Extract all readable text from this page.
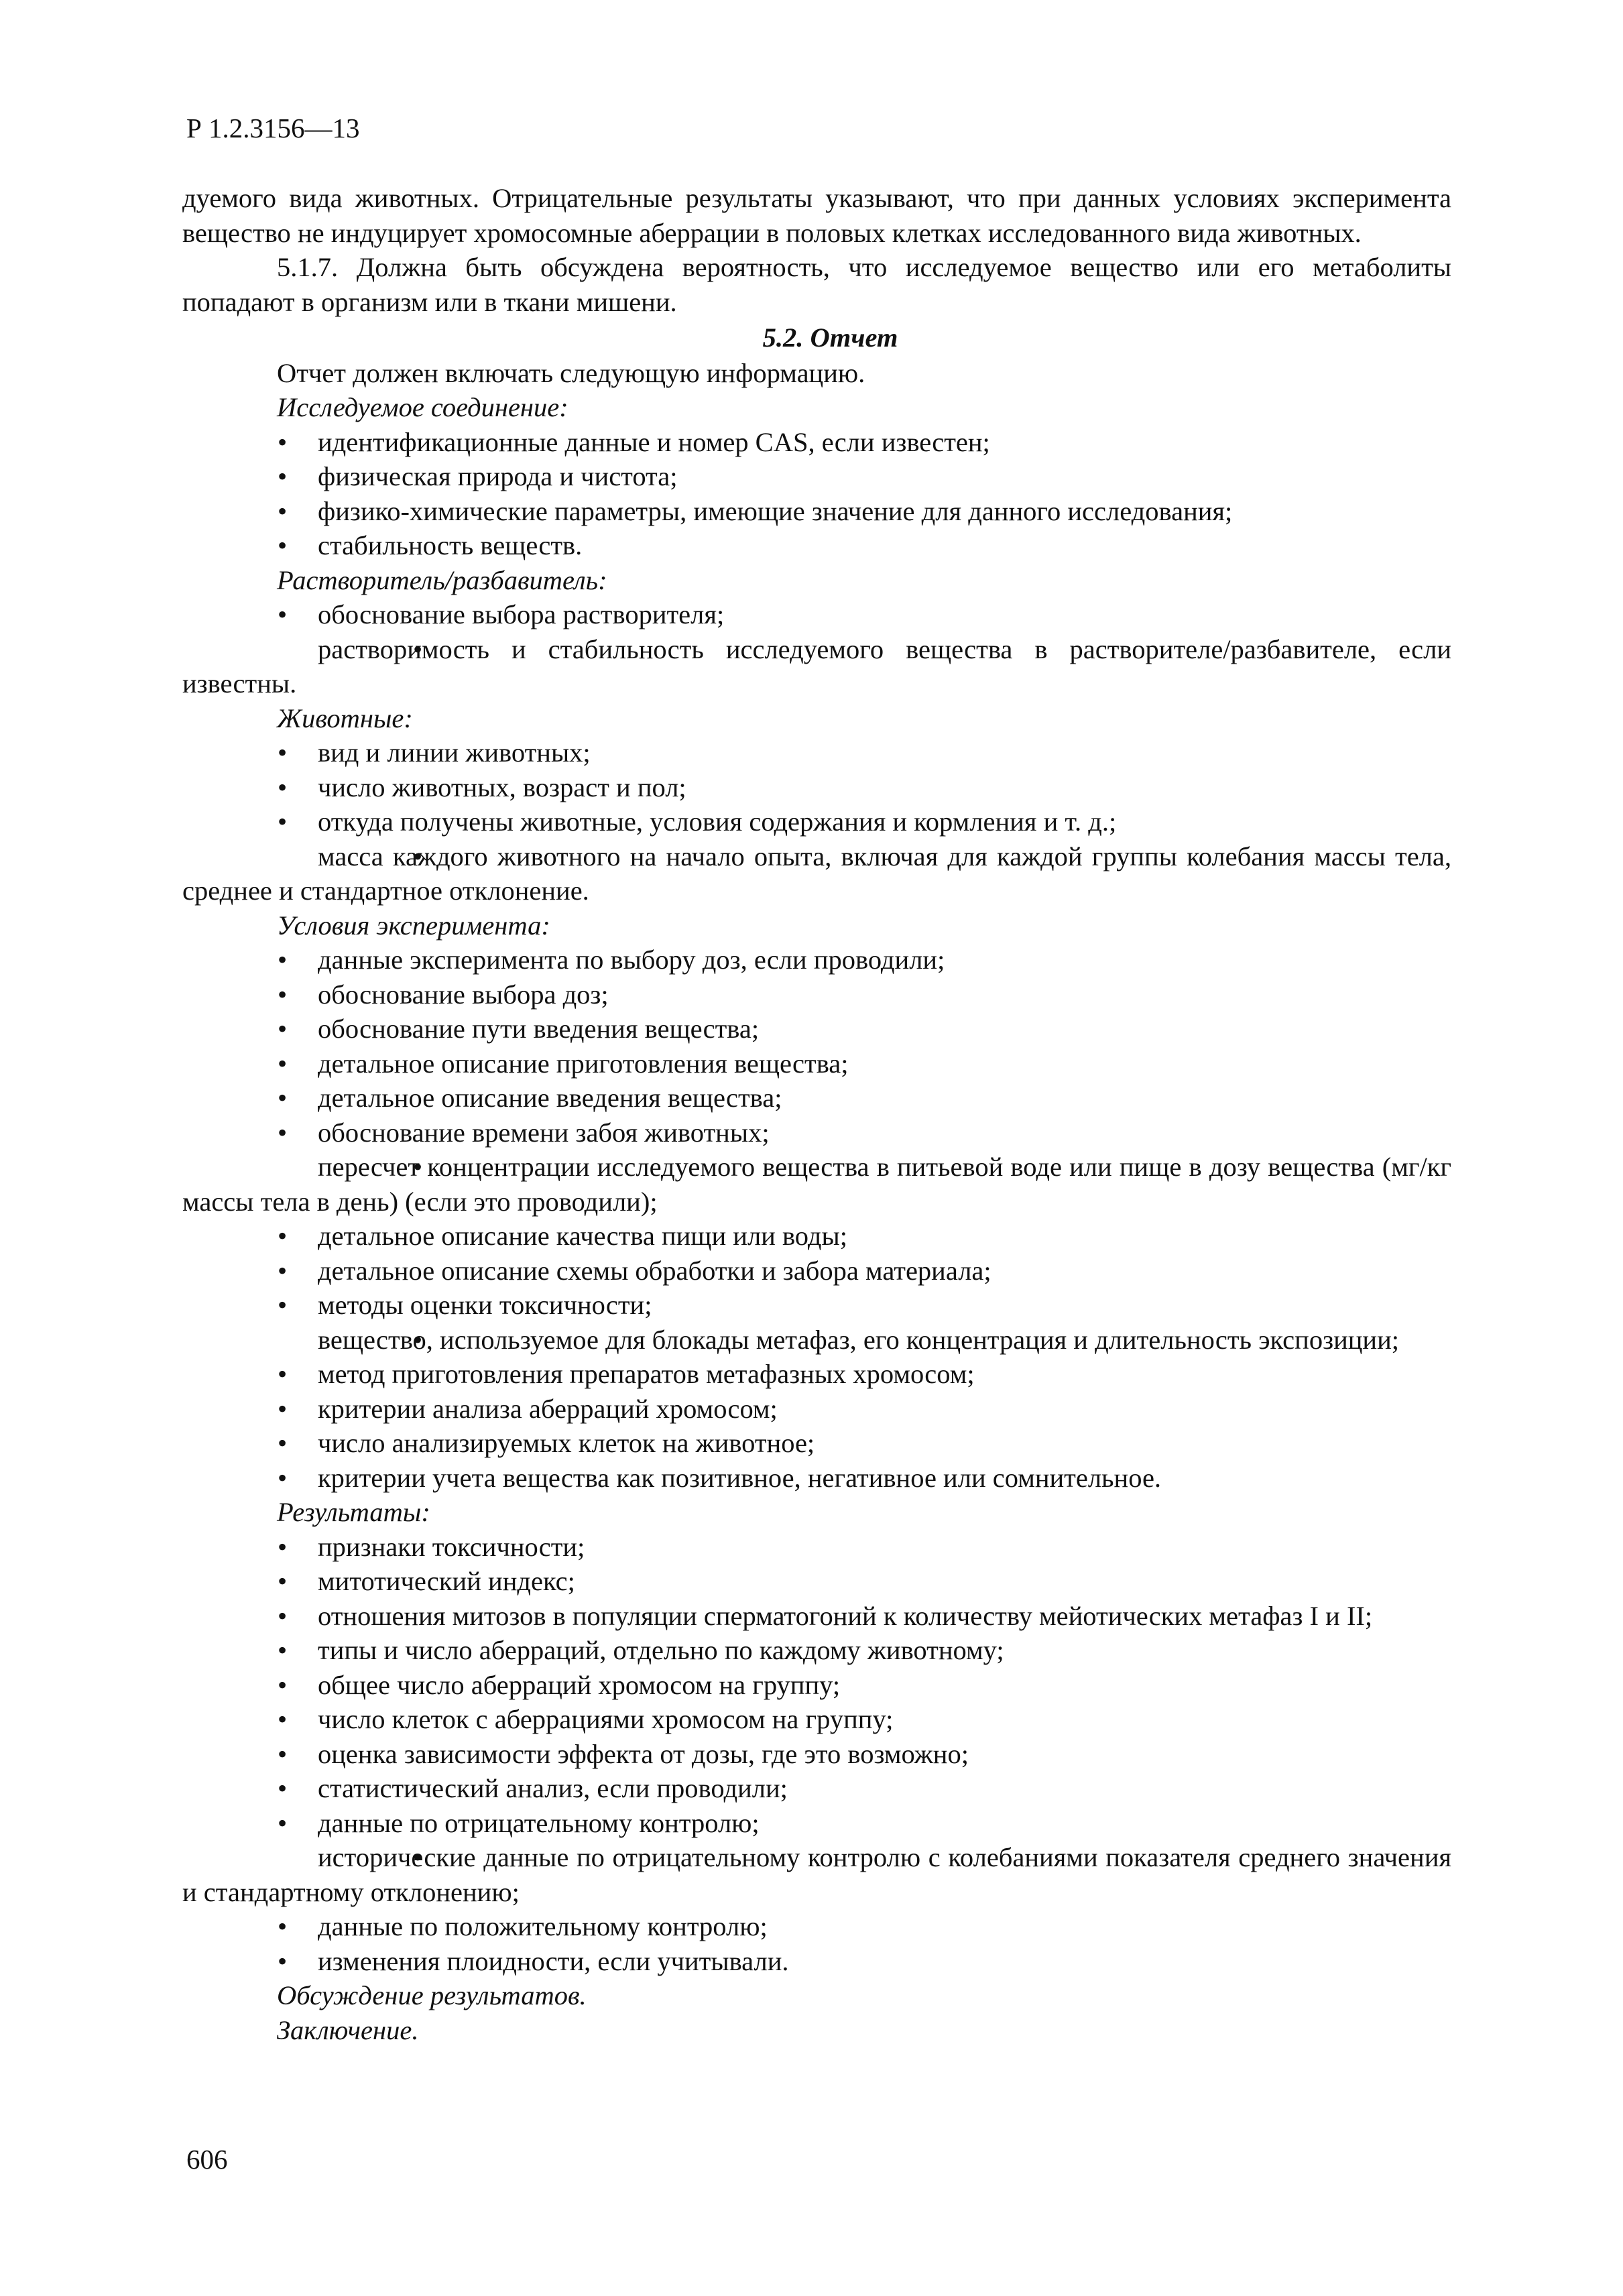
Р 1.2.3156—13

дуемого вида животных. Отрицательные результаты указывают, что при данных условиях эксперимента вещество не индуцирует хромосомные аберрации в половых клетках исследованного вида животных.

5.1.7. Должна быть обсуждена вероятность, что исследуемое вещество или его метаболиты попадают в организм или в ткани мишени.

5.2. Отчет
Отчет должен включать следующую информацию.
Исследуемое соединение:
•
идентификационные данные и номер CAS, если известен;
•
физическая природа и чистота;
•
физико-химические параметры, имеющие значение для данного исследования;
•
стабильность веществ.
Растворитель/разбавитель:
•
обоснование выбора растворителя;
•
растворимость и стабильность исследуемого вещества в растворителе/разбавителе, если известны.
Животные:
•
вид и линии животных;
•
число животных, возраст и пол;
•
откуда получены животные, условия содержания и кормления и т. д.;
•
масса каждого животного на начало опыта, включая для каждой группы колебания массы тела, среднее и стандартное отклонение.
Условия эксперимента:
•
данные эксперимента по выбору доз, если проводили;
•
обоснование выбора доз;
•
обоснование пути введения вещества;
•
детальное описание приготовления вещества;
•
детальное описание введения вещества;
•
обоснование времени забоя животных;
•
пересчет концентрации исследуемого вещества в питьевой воде или пище в дозу вещества (мг/кг массы тела в день) (если это проводили);
•
детальное описание качества пищи или воды;
•
детальное описание схемы обработки и забора материала;
•
методы оценки токсичности;
•
вещество, используемое для блокады метафаз, его концентрация и длительность экспозиции;
•
метод приготовления препаратов метафазных хромосом;
•
критерии анализа аберраций хромосом;
•
число анализируемых клеток на животное;
•
критерии учета вещества как позитивное, негативное или сомнительное.
Результаты:
•
признаки токсичности;
•
митотический индекс;
•
отношения митозов в популяции сперматогоний к количеству мейотических метафаз I и II;
•
типы и число аберраций, отдельно по каждому животному;
•
общее число аберраций хромосом на группу;
•
число клеток с аберрациями хромосом на группу;
•
оценка зависимости эффекта от дозы, где это возможно;
•
статистический анализ, если проводили;
•
данные по отрицательному контролю;
•
исторические данные по отрицательному контролю с колебаниями показателя среднего значения и стандартному отклонению;
•
данные по положительному контролю;
•
изменения плоидности, если учитывали.
Обсуждение результатов.
Заключение.
606
